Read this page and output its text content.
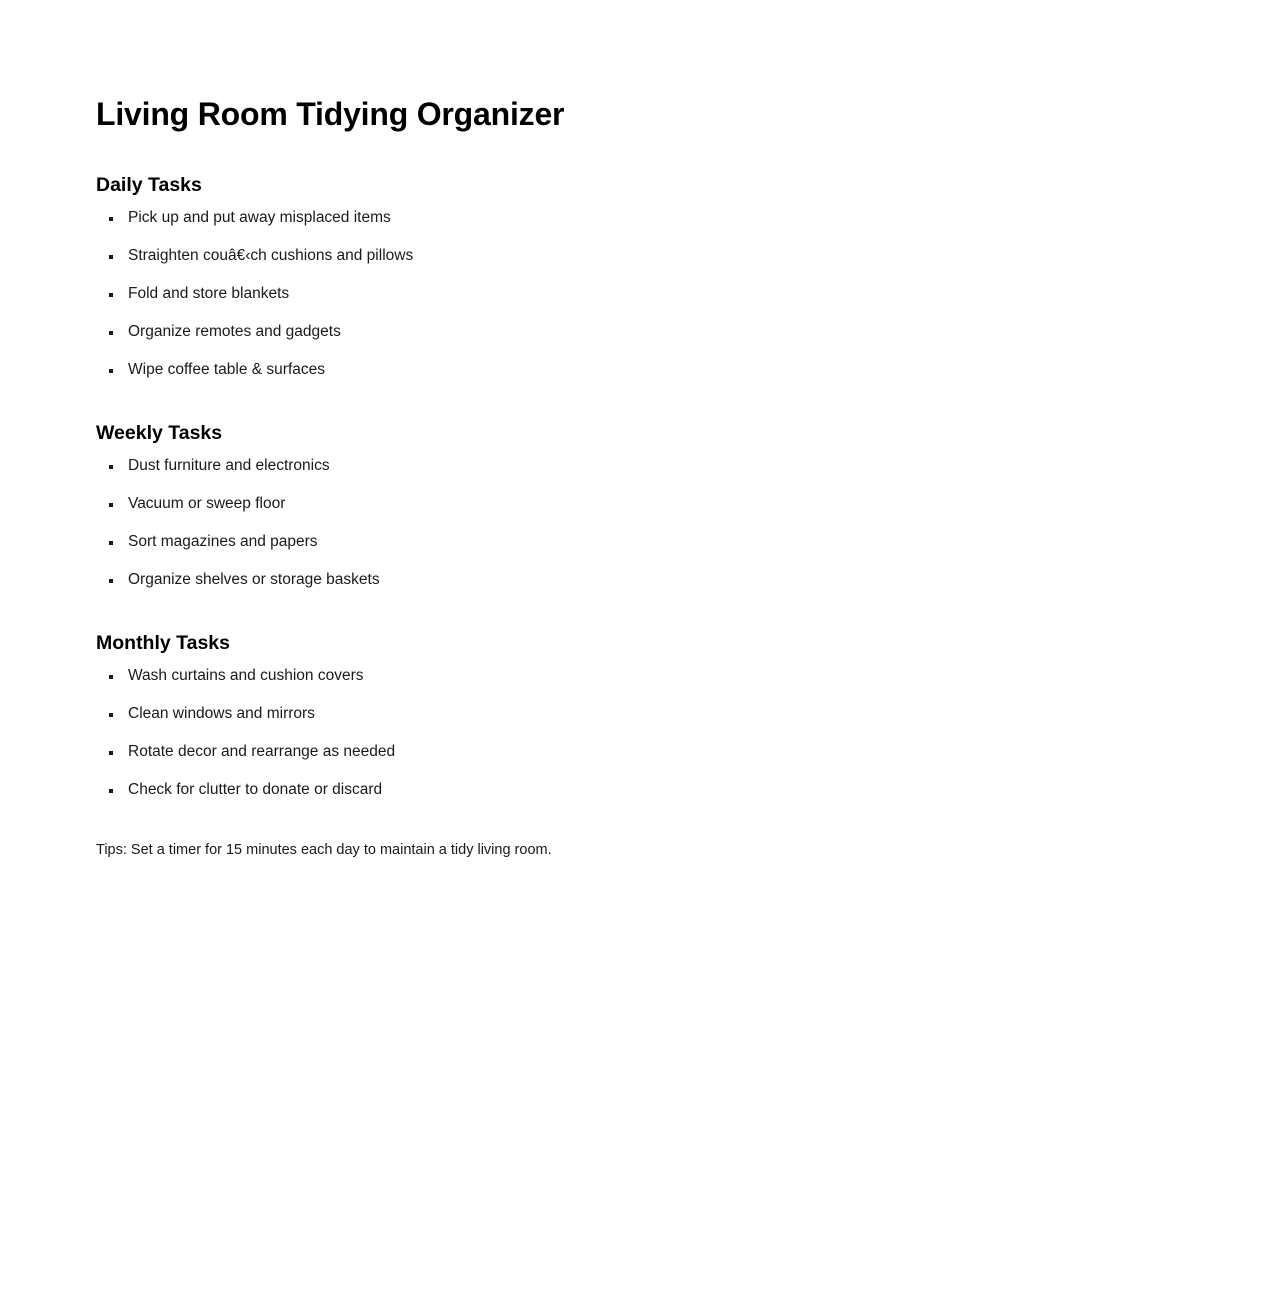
Living Room Tidying Organizer
Daily Tasks
▪ Pick up and put away misplaced items
▪ Straighten couâ€‹ch cushions and pillows
▪ Fold and store blankets
▪ Organize remotes and gadgets
▪ Wipe coffee table & surfaces
Weekly Tasks
▪ Dust furniture and electronics
▪ Vacuum or sweep floor
▪ Sort magazines and papers
▪ Organize shelves or storage baskets
Monthly Tasks
▪ Wash curtains and cushion covers
▪ Clean windows and mirrors
▪ Rotate decor and rearrange as needed
▪ Check for clutter to donate or discard

Tips: Set a timer for 15 minutes each day to maintain a tidy living room.
